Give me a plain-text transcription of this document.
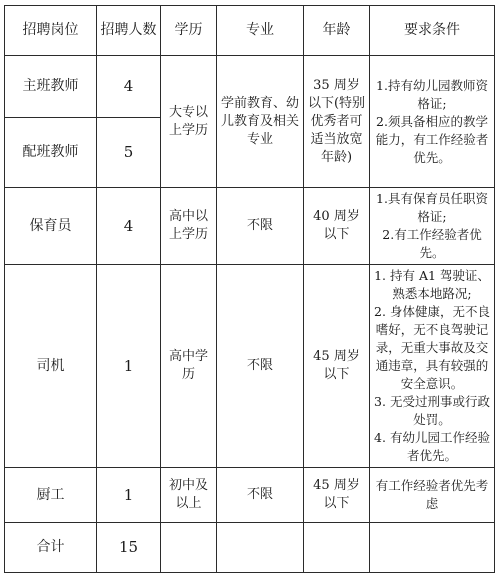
招聘岗位	招聘人数	学历	专业	年龄	要求条件
主班教师	4	大专以上学历	学前教育、幼儿教育及相关专业	35 周岁以下(特别优秀者可适当放宽年龄)	1.持有幼儿园教师资格证;

2.须具备相应的教学能力，有工作经验者优先。

配班教师	5				
保育员	4	高中以上学历	不限	40 周岁以下	1.具有保育员任职资格证;

2.有工作经验者优先。

司机	1	高中学历	不限	45 周岁以下	1. 持有 A1 驾驶证、熟悉本地路况;

2. 身体健康，无不良嗜好，无不良驾驶记录，无重大事故及交通违章，具有较强的安全意识。

3. 无受过刑事或行政处罚。

4. 有幼儿园工作经验者优先。

厨工	1	初中及以上	不限	45 周岁以下	有工作经验者优先考虑

合计	15				
